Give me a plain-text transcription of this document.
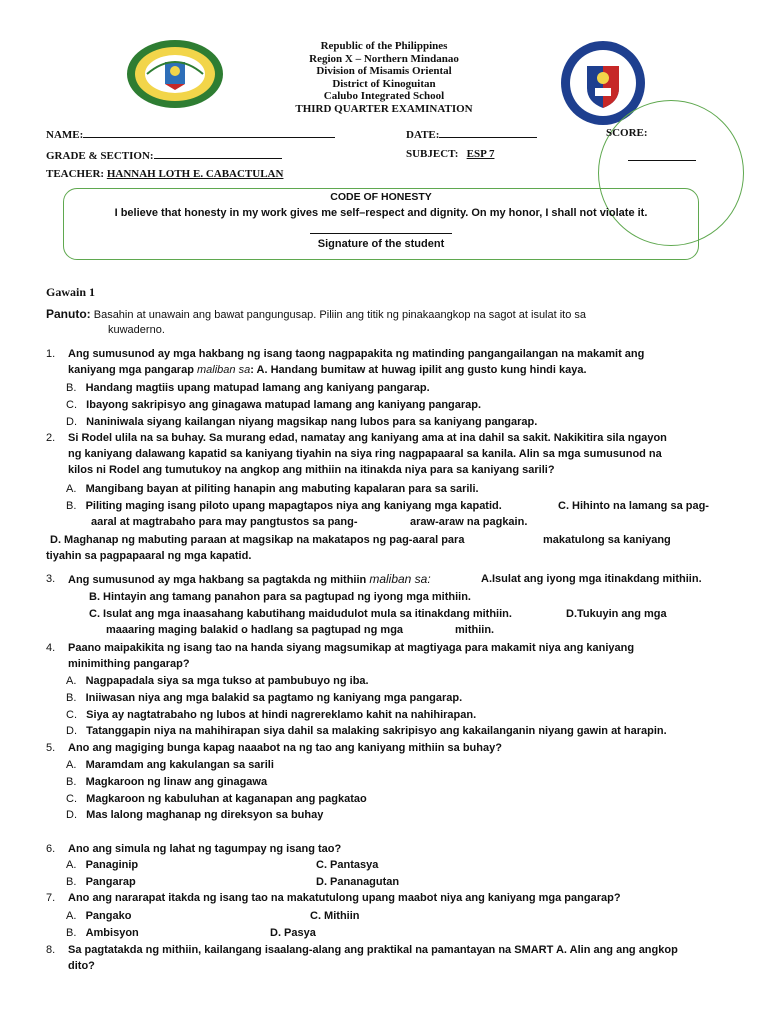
Republic of the Philippines
Region X – Northern Mindanao
Division of Misamis Oriental
District of Kinoguitan
Calubo Integrated School
THIRD QUARTER EXAMINATION
NAME:	DATE:	SCORE:
GRADE & SECTION:	SUBJECT: ESP 7
TEACHER: HANNAH LOTH E. CABACTULAN
CODE OF HONESTY
I believe that honesty in my work gives me self–respect and dignity. On my honor, I shall not violate it.
Signature of the student
Gawain 1
Panuto: Basahin at unawain ang bawat pangungusap. Piliin ang titik ng pinakaangkop na sagot at isulat ito sa
kuwaderno.
1. Ang sumusunod ay mga hakbang ng isang taong nagpapakita ng matinding pangangailangan na makamit ang
kaniyang mga pangarap maliban sa: A. Handang bumitaw at huwag ipilit ang gusto kung hindi kaya.
B. Handang magtiis upang matupad lamang ang kaniyang pangarap.
C. Ibayong sakripisyo ang ginagawa matupad lamang ang kaniyang pangarap.
D. Naniniwala siyang kailangan niyang magsikap nang lubos para sa kaniyang pangarap.
2. Si Rodel ulila na sa buhay. Sa murang edad, namatay ang kaniyang ama at ina dahil sa sakit. Nakikitira sila ngayon
ng kaniyang dalawang kapatid sa kaniyang tiyahin na siya ring nagpapaaral sa kanila. Alin sa mga sumusunod na
kilos ni Rodel ang tumutukoy na angkop ang mithiin na itinakda niya para sa kaniyang sarili?
A. Mangibang bayan at piliting hanapin ang mabuting kapalaran para sa sarili.
B. Piliting maging isang piloto upang mapagtapos niya ang kaniyang mga kapatid.	C. Hihinto na lamang sa pag-
aaral at magtrabaho para may pangtustos sa pang-	araw-araw na pagkain.
D. Maghanap ng mabuting paraan at magsikap na makatapos ng pag-aaral para	makatulong sa kaniyang
tiyahin sa pagpapaaral ng mga kapatid.
3. Ang sumusunod ay mga hakbang sa pagtakda ng mithiin maliban sa:	A.Isulat ang iyong mga itinakdang mithiin.
B. Hintayin ang tamang panahon para sa pagtupad ng iyong mga mithiin.
C. Isulat ang mga inaasahang kabutihang maidudulot mula sa itinakdang mithiin.	D.Tukuyin ang mga
maaaring maging balakid o hadlang sa pagtupad ng mga	mithiin.
4. Paano maipakikita ng isang tao na handa siyang magsumikap at magtiyaga para makamit niya ang kaniyang
minimithing pangarap?
A. Nagpapadala siya sa mga tukso at pambubuyo ng iba.
B. Iniiwasan niya ang mga balakid sa pagtamo ng kaniyang mga pangarap.
C. Siya ay nagtatrabaho ng lubos at hindi nagrereklamo kahit na nahihirapan.
D. Tatanggapin niya na mahihirapan siya dahil sa malaking sakripisyo ang kakailanganin niyang gawin at harapin.
5. Ano ang magiging bunga kapag naaabot na ng tao ang kaniyang mithiin sa buhay?
A. Maramdam ang kakulangan sa sarili
B. Magkaroon ng linaw ang ginagawa
C. Magkaroon ng kabuluhan at kaganapan ang pagkatao
D. Mas lalong maghanap ng direksyon sa buhay
6. Ano ang simula ng lahat ng tagumpay ng isang tao?
A. Panaginip	C. Pantasya
B. Pangarap	D. Pananagutan
7. Ano ang nararapat itakda ng isang tao na makatutulong upang maabot niya ang kaniyang mga pangarap?
A. Pangako	C. Mithiin
B. Ambisyon	D. Pasya
8. Sa pagtatakda ng mithiin, kailangang isaalang-alang ang praktikal na pamantayan na SMART A. Alin ang ang angkop
dito?
